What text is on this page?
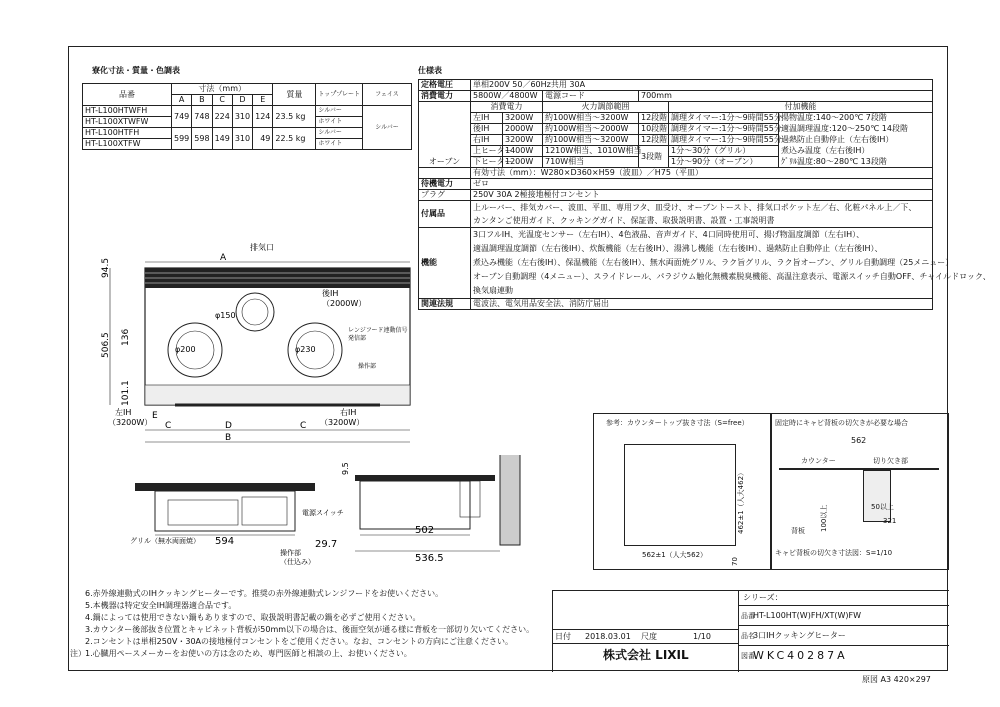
寮化寸法・質量・色調表
品番	寸法（mm）					質量	トップ゚プレート	フェイス
	A	B	C	D	E			
HT-L100HTWFH	749	748	224	310	124	23.5 kg	シルバー	シルバー
HT-L100XTWFW							ホワイト	
HT-L100HTFH	599	598	149	310	49	22.5 kg	シルバー	
HT-L100XTFW							ホワイト	
仕様表
定格電圧	単相200V 50／60Hz共用 30A					
消費電力	5800W／4800W		電源コード	700mm		
オーブン	消費電力		火力調節範囲		付加機能	
	左IH	3200W	約100W相当～3200W	12段階	調理タイマー:1分～9時間55分	揚物温度:140～200℃ 7段階
	後IH	2000W	約100W相当～2000W	10段階	調理タイマー:1分～9時間55分	適温調理温度:120～250℃ 14段階
	右IH	3200W	約100W相当～3200W	12段階	調理タイマー:1分～9時間55分	過熱防止自動停止（左右後IH）
	上ヒーター	1400W	1210W相当、1010W相当	3段階	1分～30分（グリル）	煮込み温度（左右後IH）
	下ヒーター	1200W	710W相当		1分～90分（オーブン）	ｸﾞﾘﾙ温度:80～280℃ 13段階
	有効寸法（mm）：W280×D360×H59（波皿）／H75（平皿）					
待機電力	ゼロ					
プラグ	250V 30A 2極接地極付コンセント					
付属品	上ルーバー、排気カバー、波皿、平皿、専用フタ、皿受け、オーブントースト、排気口ポケット左／右、化粧パネル上／下、					
	カンタンご使用ガイド、クッキングガイド、保証書、取扱説明書、設置・工事説明書					
機能	3口フルIH、光温度センサー（左右IH）、4色液晶、音声ガイド、4口同時使用可、揚げ物温度調節（左右IH）、					
	適温調理温度調節（左右後IH）、炊飯機能（左右後IH）、湯沸し機能（左右後IH）、過熱防止自動停止（左右後IH）、					
	煮込み機能（左右後IH）、保温機能（左右後IH）、無水両面焼グリル、ラク旨グリル、ラク旨オーブン、グリル自動調理（25メニュー）					
	オーブン自動調理（4メニュー）、スライドレール、パラジウム触化無機素脱臭機能、高温注意表示、電源スイッチ自動OFF、チャイルドロック、					
	換気扇連動					
関連法規	電波法、電気用品安全法、消防庁届出					
94.5
506.5 136
101.1
A
排気口
後IH
（2000W）
φ150
φ200	φ230
レンジフード連動信号
発信部
操作部
左IH
（3200W）
右IH
（3200W）
E
C	D	C
B
電源スイッチ
グリル（無水両面焼）
操作部
（仕込み）
594	29.7
9.5
502
536.5
参考：カウンタートップ抜き寸法（S=free）
562±1（人大562）
462±1（人大462）
70
固定時にキャビ背板の切欠きが必要な場合
562
カウンター	切り欠き部
50以上
321
100以上
背板
キャビ背板の切欠き寸法図：S=1/10
6.赤外線連動式のIHクッキングヒーターです。推奨の赤外線連動式レンジフードをお使いください。
5.本機器は特定安全IH調理器適合品です。
4.鍋によっては使用できない鍋もありますので、取扱説明書記載の鍋を必ずご使用ください。
3.カウンター後部抜き位置とキャビネット背板が50mm以下の場合は、後面空気が通る様に背板を一部切り欠いてください。
2.コンセントは単相250V・30Aの接地極付コンセントをご使用ください。なお、コンセントの方向にご注意ください。
注） 1.心臓用ペースメーカーをお使いの方は念のため、専門医師と相談の上、お使いください。
日付 2018.03.01 尺度	1/10
株式会社 LIXIL
シリーズ：
品番
HT-L100HT(W)FH/XT(W)FW
品名
3口IHクッキングヒーター
図番
WKC40287A
原図 A3 420×297
